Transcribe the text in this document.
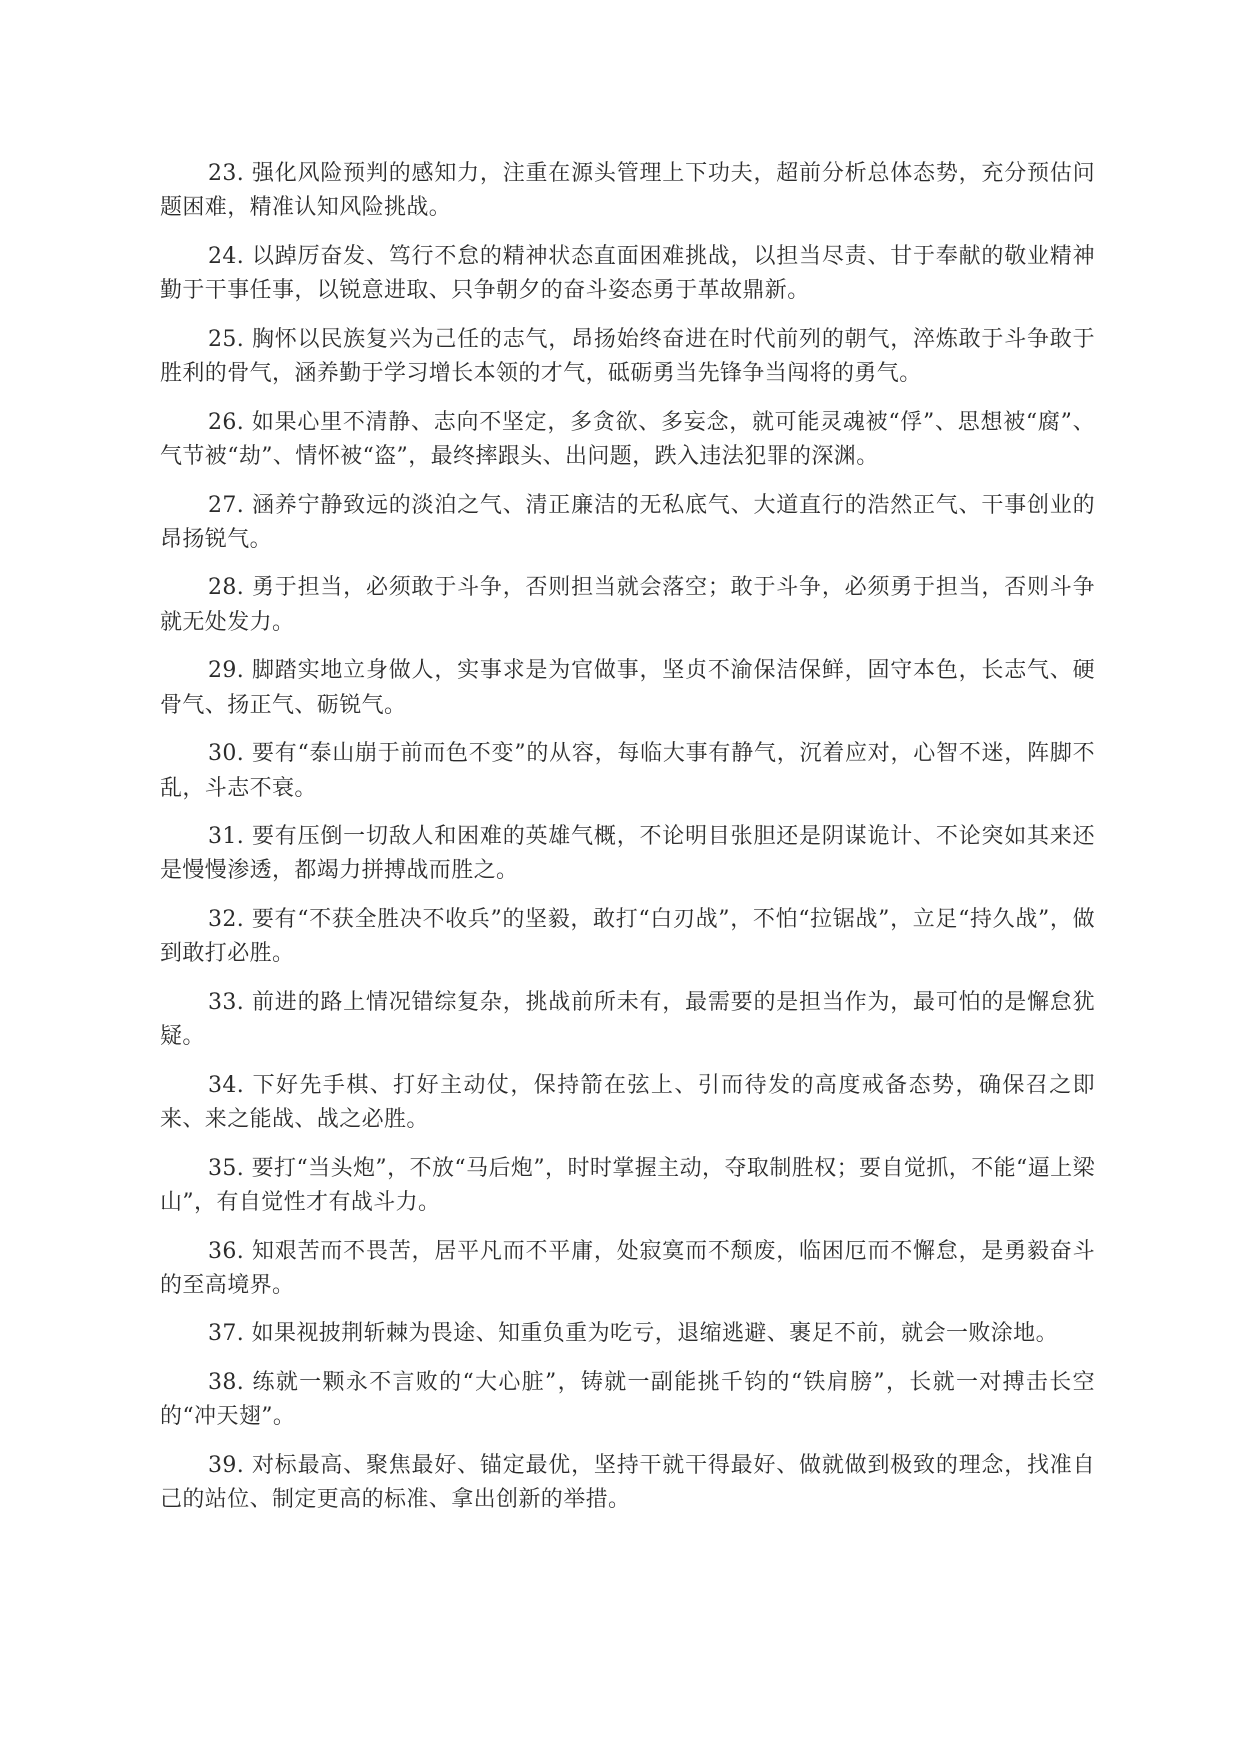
23. 强化风险预判的感知力，注重在源头管理上下功夫，超前分析总体态势，充分预估问题困难，精准认知风险挑战。

24. 以踔厉奋发、笃行不怠的精神状态直面困难挑战，以担当尽责、甘于奉献的敬业精神勤于干事任事，以锐意进取、只争朝夕的奋斗姿态勇于革故鼎新。

25. 胸怀以民族复兴为己任的志气，昂扬始终奋进在时代前列的朝气，淬炼敢于斗争敢于胜利的骨气，涵养勤于学习增长本领的才气，砥砺勇当先锋争当闯将的勇气。

26. 如果心里不清静、志向不坚定，多贪欲、多妄念，就可能灵魂被“俘”、思想被“腐”、气节被“劫”、情怀被“盗”，最终摔跟头、出问题，跌入违法犯罪的深渊。

27. 涵养宁静致远的淡泊之气、清正廉洁的无私底气、大道直行的浩然正气、干事创业的昂扬锐气。

28. 勇于担当，必须敢于斗争，否则担当就会落空；敢于斗争，必须勇于担当，否则斗争就无处发力。

29. 脚踏实地立身做人，实事求是为官做事，坚贞不渝保洁保鲜，固守本色，长志气、硬骨气、扬正气、砺锐气。

30. 要有“泰山崩于前而色不变”的从容，每临大事有静气，沉着应对，心智不迷，阵脚不乱，斗志不衰。

31. 要有压倒一切敌人和困难的英雄气概，不论明目张胆还是阴谋诡计、不论突如其来还是慢慢渗透，都竭力拼搏战而胜之。

32. 要有“不获全胜决不收兵”的坚毅，敢打“白刃战”，不怕“拉锯战”，立足“持久战”，做到敢打必胜。

33. 前进的路上情况错综复杂，挑战前所未有，最需要的是担当作为，最可怕的是懈怠犹疑。

34. 下好先手棋、打好主动仗，保持箭在弦上、引而待发的高度戒备态势，确保召之即来、来之能战、战之必胜。

35. 要打“当头炮”，不放“马后炮”，时时掌握主动，夺取制胜权；要自觉抓，不能“逼上梁山”，有自觉性才有战斗力。

36. 知艰苦而不畏苦，居平凡而不平庸，处寂寞而不颓废，临困厄而不懈怠，是勇毅奋斗的至高境界。

37. 如果视披荆斩棘为畏途、知重负重为吃亏，退缩逃避、裹足不前，就会一败涂地。

38. 练就一颗永不言败的“大心脏”，铸就一副能挑千钧的“铁肩膀”，长就一对搏击长空的“冲天翅”。

39. 对标最高、聚焦最好、锚定最优，坚持干就干得最好、做就做到极致的理念，找准自己的站位、制定更高的标准、拿出创新的举措。
